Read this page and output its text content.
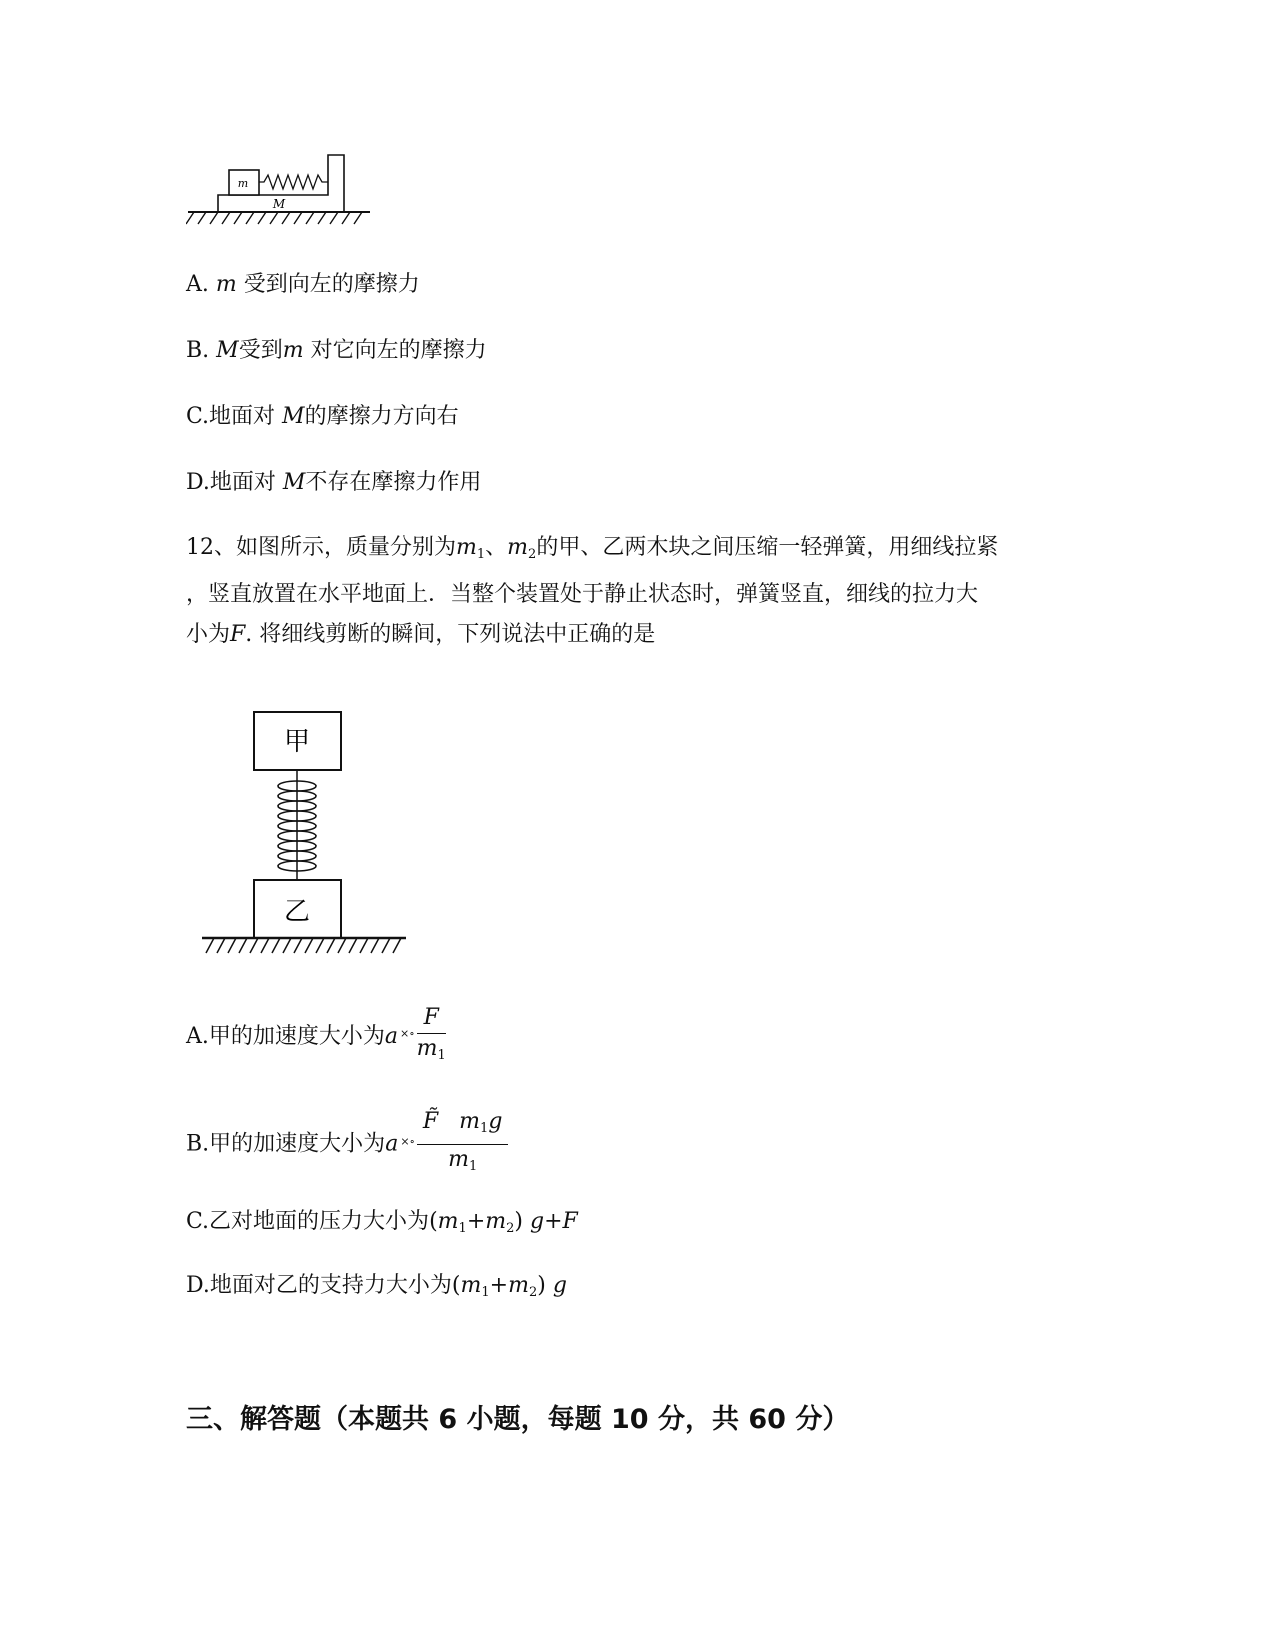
M
m
A. m 受到向左的摩擦力
B. M受到m 对它向左的摩擦力
C.地面对 M的摩擦力方向右
D.地面对 M不存在摩擦力作用

12、如图所示，质量分别为$m_1$、$m_2$的甲、乙两木块之间压缩一轻弹簧，用细线拉紧

，竖直放置在水平地面上．当整个装置处于静止状态时，弹簧竖直，细线的拉力大

小为F. 将细线剪断的瞬间，下列说法中正确的是

甲
乙
A.甲的加速度大小为a $^{\times\circ} \frac{F}{m_1}$
B.甲的加速度大小为a $^{\times\circ} \frac{F̃ m_1g}{m_1}$
C.乙对地面的压力大小为$(m_1+m_2)$ g+F
D.地面对乙的支持力大小为$(m_1+m_2)$ g
三、解答题（本题共 6 小题，每题 10 分，共 60 分）
